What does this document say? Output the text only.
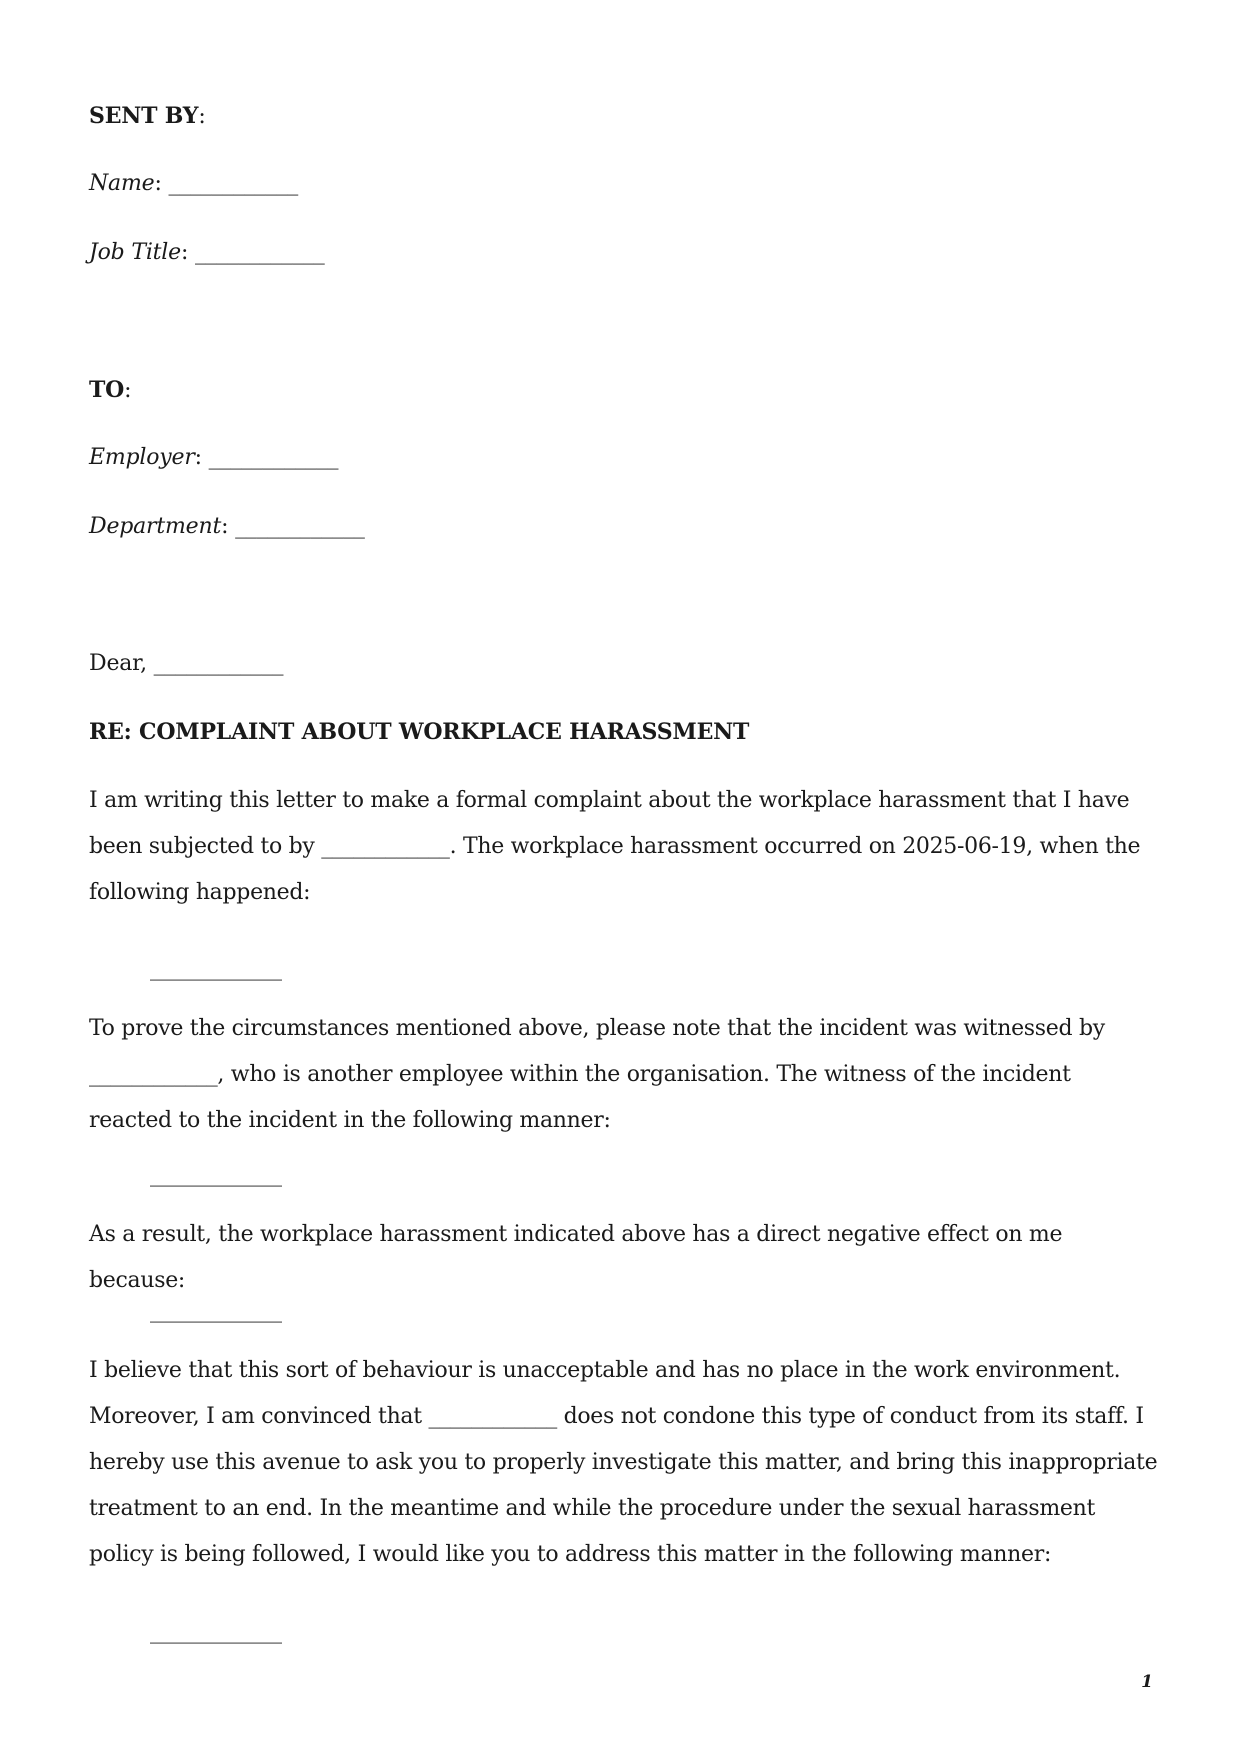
SENT BY:
Name: ____________
Job Title: ____________
TO:
Employer: ____________
Department: ____________
Dear, ____________
RE: COMPLAINT ABOUT WORKPLACE HARASSMENT
I am writing this letter to make a formal complaint about the workplace harassment that I have been subjected to by ____________. The workplace harassment occurred on 2025-06-19, when the following happened:
____________
To prove the circumstances mentioned above, please note that the incident was witnessed by ____________, who is another employee within the organisation. The witness of the incident reacted to the incident in the following manner:
____________
As a result, the workplace harassment indicated above has a direct negative effect on me because:
____________
I believe that this sort of behaviour is unacceptable and has no place in the work environment. Moreover, I am convinced that ____________ does not condone this type of conduct from its staff. I hereby use this avenue to ask you to properly investigate this matter, and bring this inappropriate treatment to an end. In the meantime and while the procedure under the sexual harassment policy is being followed, I would like you to address this matter in the following manner:
____________
1
